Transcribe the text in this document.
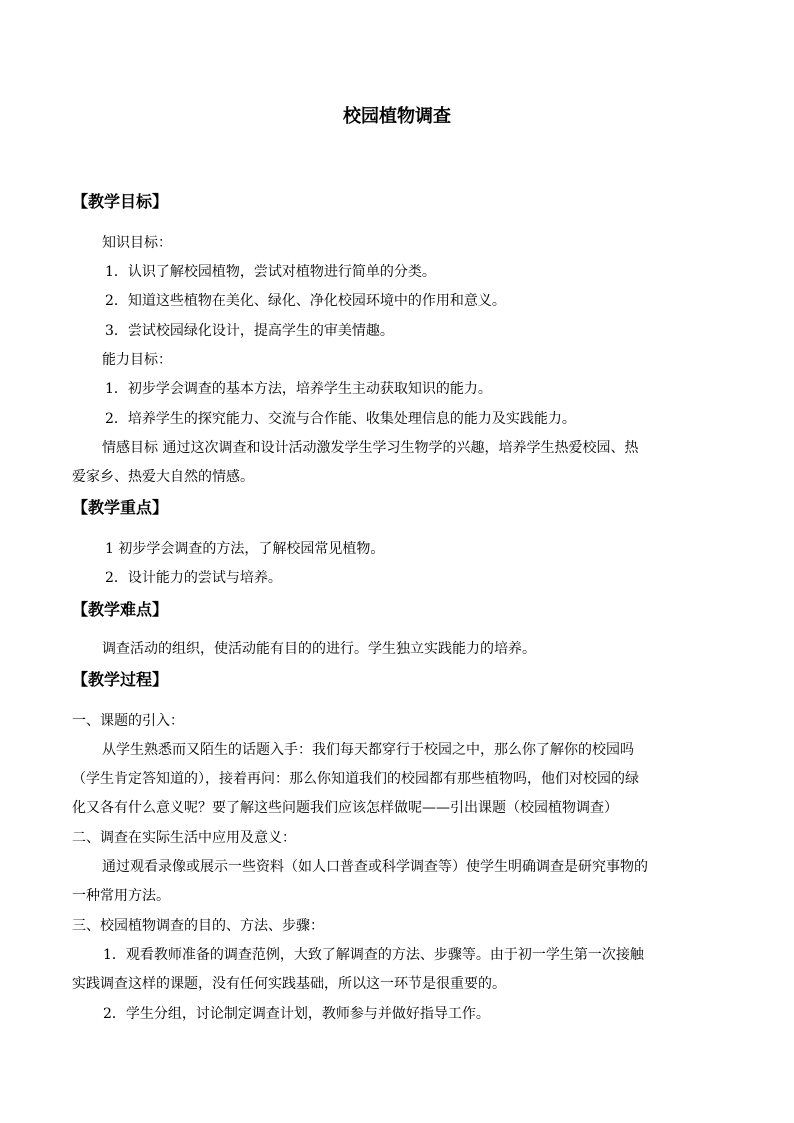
校园植物调查
【教学目标】
知识目标：
1．认识了解校园植物，尝试对植物进行简单的分类。
2．知道这些植物在美化、绿化、净化校园环境中的作用和意义。
3．尝试校园绿化设计，提高学生的审美情趣。
能力目标：
1．初步学会调查的基本方法，培养学生主动获取知识的能力。
2．培养学生的探究能力、交流与合作能、收集处理信息的能力及实践能力。
情感目标 通过这次调查和设计活动激发学生学习生物学的兴趣，培养学生热爱校园、热
爱家乡、热爱大自然的情感。
【教学重点】
1 初步学会调查的方法，了解校园常见植物。
2．设计能力的尝试与培养。
【教学难点】
调查活动的组织，使活动能有目的的进行。学生独立实践能力的培养。
【教学过程】
一、课题的引入：
从学生熟悉而又陌生的话题入手：我们每天都穿行于校园之中，那么你了解你的校园吗
（学生肯定答知道的），接着再问：那么你知道我们的校园都有那些植物吗，他们对校园的绿
化又各有什么意义呢？要了解这些问题我们应该怎样做呢——引出课题（校园植物调查）
二、调查在实际生活中应用及意义：
通过观看录像或展示一些资料（如人口普查或科学调查等）使学生明确调查是研究事物的
一种常用方法。
三、校园植物调查的目的、方法、步骤：
1．观看教师准备的调查范例，大致了解调查的方法、步骤等。由于初一学生第一次接触
实践调查这样的课题，没有任何实践基础，所以这一环节是很重要的。
2．学生分组，讨论制定调查计划，教师参与并做好指导工作。
